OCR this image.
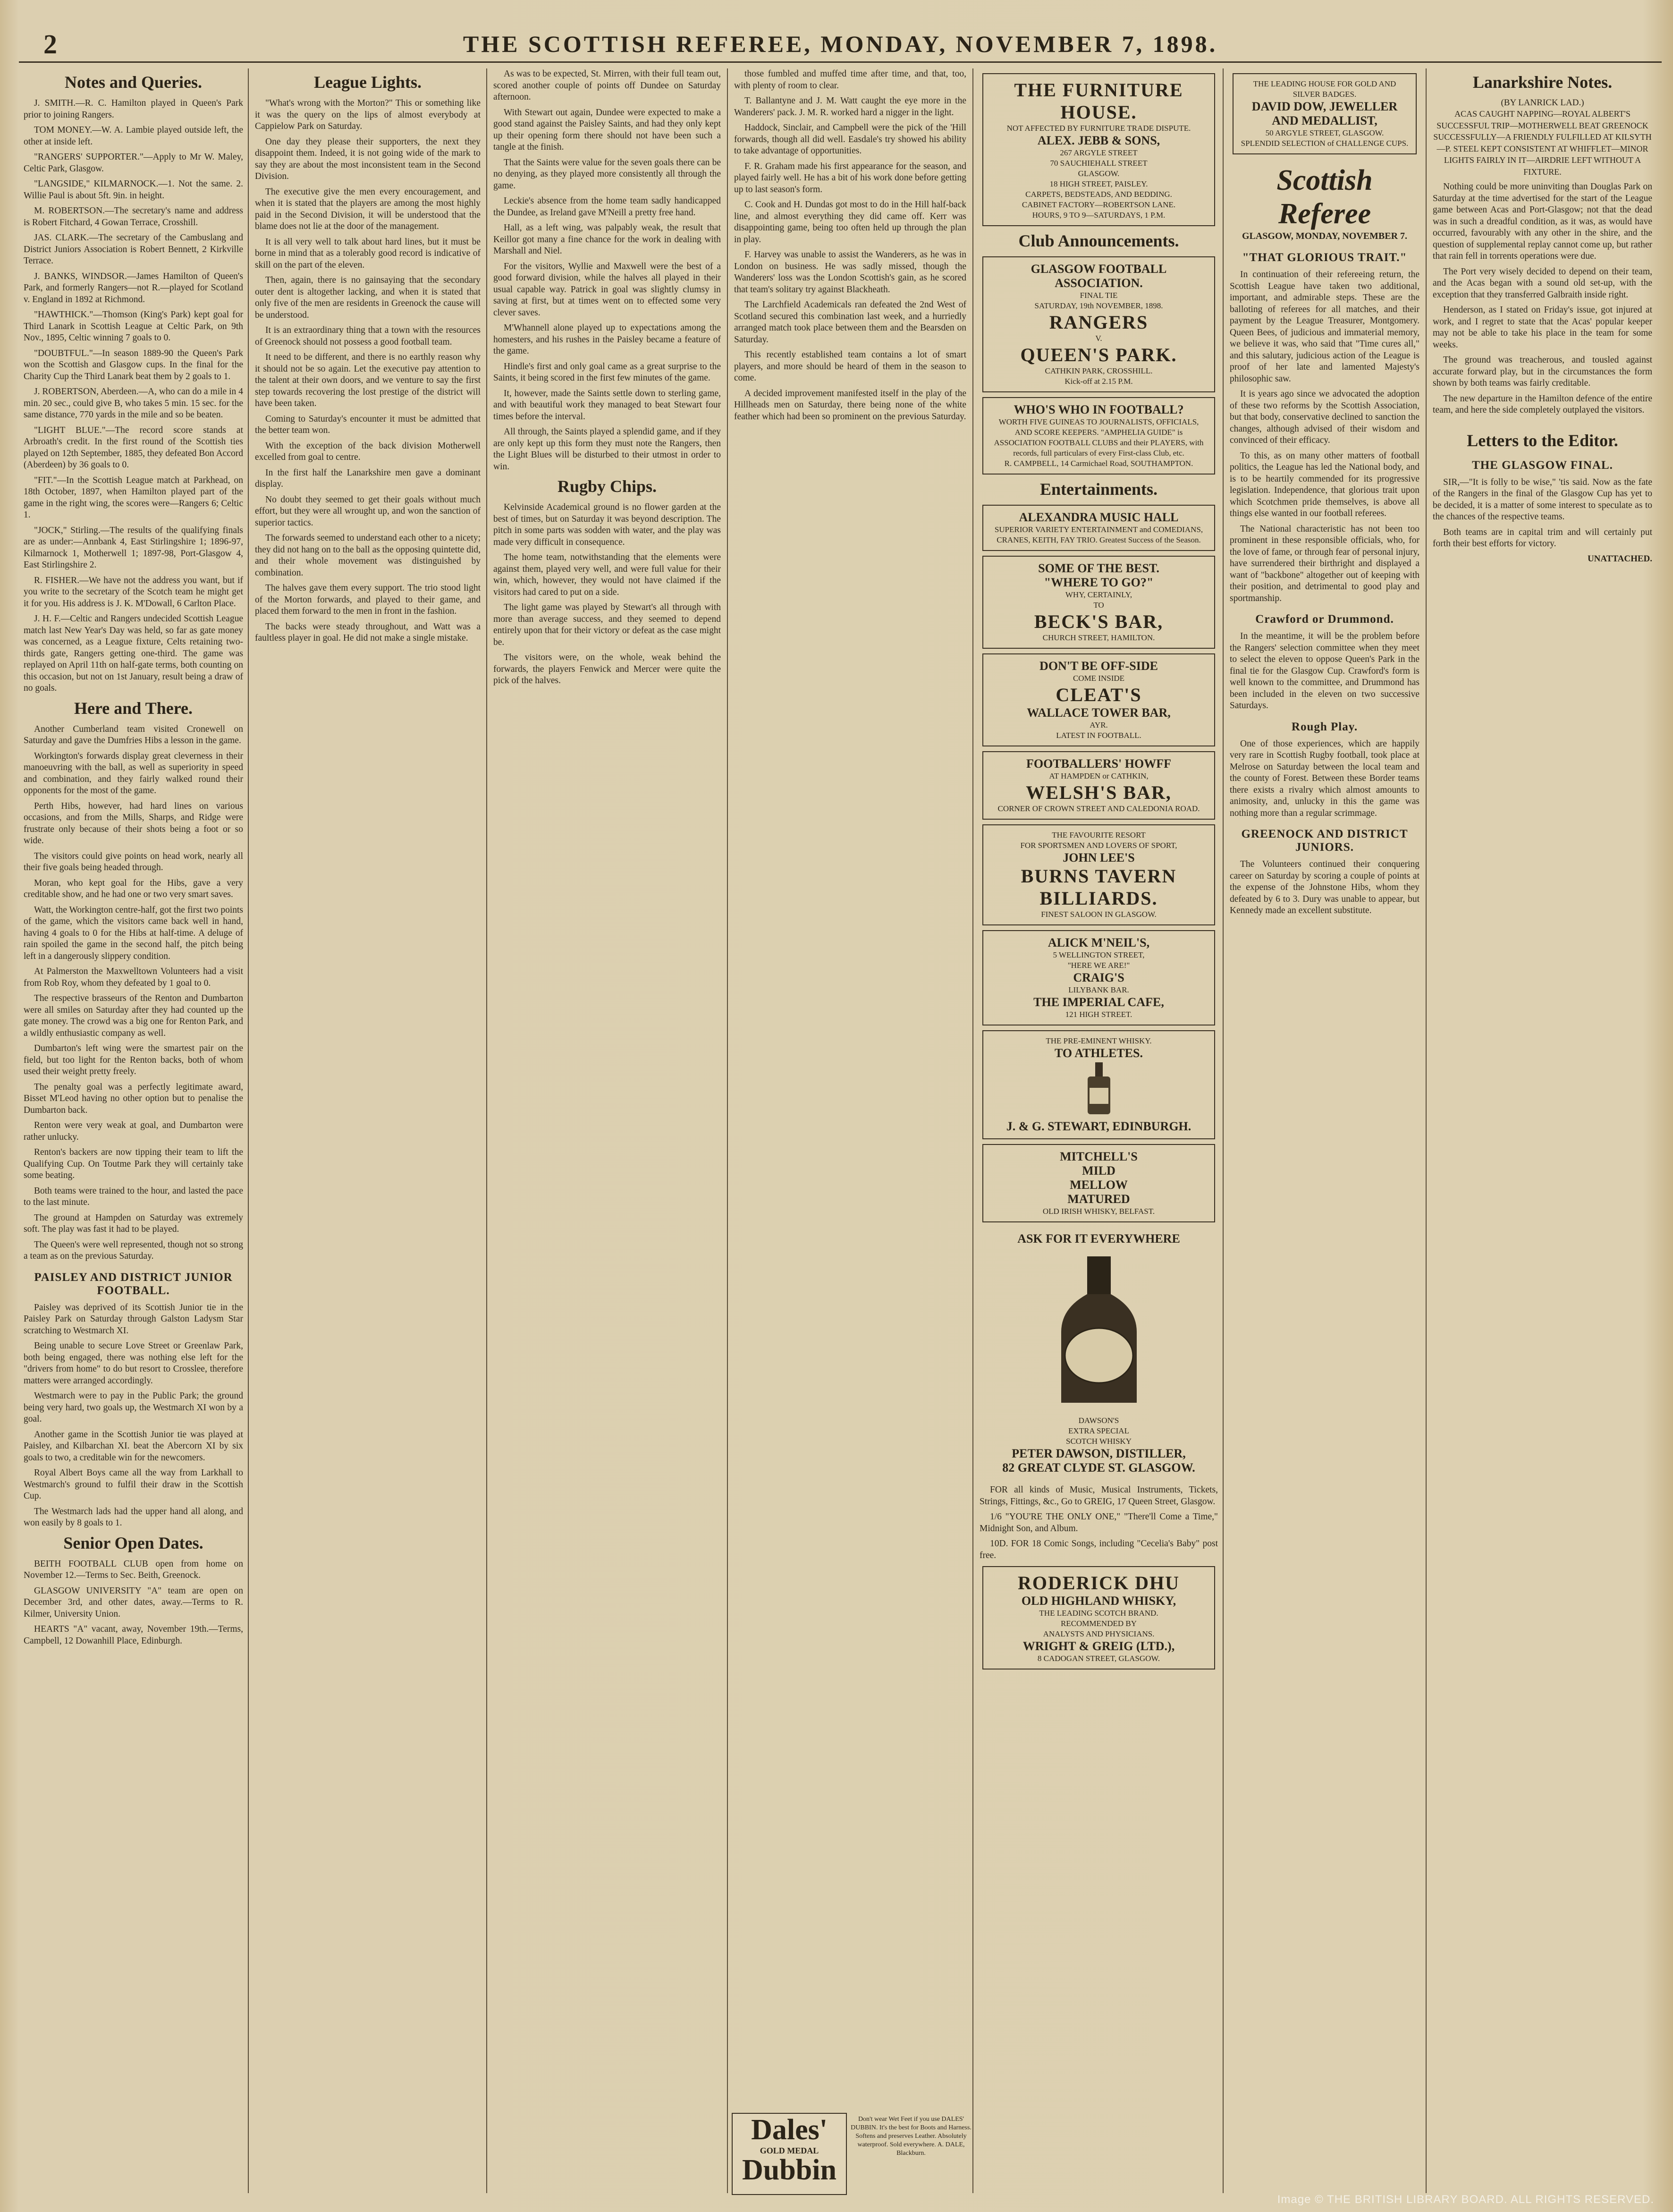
2	THE SCOTTISH REFEREE, MONDAY, NOVEMBER 7, 1898.
Notes and Queries.

J. SMITH.—R. C. Hamilton played in Queen's Park prior to joining Rangers.

TOM MONEY.—W. A. Lambie played outside left, the other at inside left.

"RANGERS' SUPPORTER."—Apply to Mr W. Maley, Celtic Park, Glasgow.

"LANGSIDE," KILMARNOCK.—1. Not the same. 2. Willie Paul is about 5ft. 9in. in height.

M. ROBERTSON.—The secretary's name and address is Robert Fitchard, 4 Gowan Terrace, Crosshill.

JAS. CLARK.—The secretary of the Cambuslang and District Juniors Association is Robert Bennett, 2 Kirkville Terrace.

J. BANKS, WINDSOR.—James Hamilton of Queen's Park, and formerly Rangers—not R.—played for Scotland v. England in 1892 at Richmond.

"HAWTHICK."—Thomson (King's Park) kept goal for Third Lanark in Scottish League at Celtic Park, on 9th Nov., 1895, Celtic winning 7 goals to 0.

"DOUBTFUL."—In season 1889-90 the Queen's Park won the Scottish and Glasgow cups. In the final for the Charity Cup the Third Lanark beat them by 2 goals to 1.

J. ROBERTSON, Aberdeen.—A, who can do a mile in 4 min. 20 sec., could give B, who takes 5 min. 15 sec. for the same distance, 770 yards in the mile and so be beaten.

"LIGHT BLUE."—The record score stands at Arbroath's credit. In the first round of the Scottish ties played on 12th September, 1885, they defeated Bon Accord (Aberdeen) by 36 goals to 0.

"FIT."—In the Scottish League match at Parkhead, on 18th October, 1897, when Hamilton played part of the game in the right wing, the scores were—Rangers 6; Celtic 1.

"JOCK," Stirling.—The results of the qualifying finals are as under:—Annbank 4, East Stirlingshire 1; 1896-97, Kilmarnock 1, Motherwell 1; 1897-98, Port-Glasgow 4, East Stirlingshire 2.

R. FISHER.—We have not the address you want, but if you write to the secretary of the Scotch team he might get it for you. His address is J. K. M'Dowall, 6 Carlton Place.

J. H. F.—Celtic and Rangers undecided Scottish League match last New Year's Day was held, so far as gate money was concerned, as a League fixture, Celts retaining two-thirds gate, Rangers getting one-third. The game was replayed on April 11th on half-gate terms, both counting on this occasion, but not on 1st January, result being a draw of no goals.

Here and There.

Another Cumberland team visited Cronewell on Saturday and gave the Dumfries Hibs a lesson in the game.

Workington's forwards display great cleverness in their manoeuvring with the ball, as well as superiority in speed and combination, and they fairly walked round their opponents for the most of the game.

Perth Hibs, however, had hard lines on various occasions, and from the Mills, Sharps, and Ridge were frustrate only because of their shots being a foot or so wide.

The visitors could give points on head work, nearly all their five goals being headed through.

Moran, who kept goal for the Hibs, gave a very creditable show, and he had one or two very smart saves.

Watt, the Workington centre-half, got the first two points of the game, which the visitors came back well in hand, having 4 goals to 0 for the Hibs at half-time. A deluge of rain spoiled the game in the second half, the pitch being left in a dangerously slippery condition.

At Palmerston the Maxwelltown Volunteers had a visit from Rob Roy, whom they defeated by 1 goal to 0.

The respective brasseurs of the Renton and Dumbarton were all smiles on Saturday after they had counted up the gate money. The crowd was a big one for Renton Park, and a wildly enthusiastic company as well.

Dumbarton's left wing were the smartest pair on the field, but too light for the Renton backs, both of whom used their weight pretty freely.

The penalty goal was a perfectly legitimate award, Bisset M'Leod having no other option but to penalise the Dumbarton back.

Renton were very weak at goal, and Dumbarton were rather unlucky.

Renton's backers are now tipping their team to lift the Qualifying Cup. On Toutme Park they will certainly take some beating.

Both teams were trained to the hour, and lasted the pace to the last minute.

The ground at Hampden on Saturday was extremely soft. The play was fast it had to be played.

The Queen's were well represented, though not so strong a team as on the previous Saturday.

PAISLEY AND DISTRICT JUNIOR FOOTBALL.

Paisley was deprived of its Scottish Junior tie in the Paisley Park on Saturday through Galston Ladysm Star scratching to Westmarch XI.

Being unable to secure Love Street or Greenlaw Park, both being engaged, there was nothing else left for the "drivers from home" to do but resort to Crosslee, therefore matters were arranged accordingly.

Westmarch were to pay in the Public Park; the ground being very hard, two goals up, the Westmarch XI won by a goal.

Another game in the Scottish Junior tie was played at Paisley, and Kilbarchan XI. beat the Abercorn XI by six goals to two, a creditable win for the newcomers.

Royal Albert Boys came all the way from Larkhall to Westmarch's ground to fulfil their draw in the Scottish Cup.

The Westmarch lads had the upper hand all along, and won easily by 8 goals to 1.

Senior Open Dates.

BEITH FOOTBALL CLUB open from home on November 12.—Terms to Sec. Beith, Greenock.

GLASGOW UNIVERSITY "A" team are open on December 3rd, and other dates, away.—Terms to R. Kilmer, University Union.

HEARTS "A" vacant, away, November 19th.—Terms, Campbell, 12 Dowanhill Place, Edinburgh.

League Lights.

"What's wrong with the Morton?" This or something like it was the query on the lips of almost everybody at Cappielow Park on Saturday.

One day they please their supporters, the next they disappoint them. Indeed, it is not going wide of the mark to say they are about the most inconsistent team in the Second Division.

The executive give the men every encouragement, and when it is stated that the players are among the most highly paid in the Second Division, it will be understood that the blame does not lie at the door of the management.

It is all very well to talk about hard lines, but it must be borne in mind that as a tolerably good record is indicative of skill on the part of the eleven.

Then, again, there is no gainsaying that the secondary outer dent is altogether lacking, and when it is stated that only five of the men are residents in Greenock the cause will be understood.

It is an extraordinary thing that a town with the resources of Greenock should not possess a good football team.

It need to be different, and there is no earthly reason why it should not be so again. Let the executive pay attention to the talent at their own doors, and we venture to say the first step towards recovering the lost prestige of the district will have been taken.

Coming to Saturday's encounter it must be admitted that the better team won.

With the exception of the back division Motherwell excelled from goal to centre.

In the first half the Lanarkshire men gave a dominant display.

No doubt they seemed to get their goals without much effort, but they were all wrought up, and won the sanction of superior tactics.

The forwards seemed to understand each other to a nicety; they did not hang on to the ball as the opposing quintette did, and their whole movement was distinguished by combination.

The halves gave them every support. The trio stood light of the Morton forwards, and played to their game, and placed them forward to the men in front in the fashion.

The backs were steady throughout, and Watt was a faultless player in goal. He did not make a single mistake.

As was to be expected, St. Mirren, with their full team out, scored another couple of points off Dundee on Saturday afternoon.

With Stewart out again, Dundee were expected to make a good stand against the Paisley Saints, and had they only kept up their opening form there should not have been such a tangle at the finish.

That the Saints were value for the seven goals there can be no denying, as they played more consistently all through the game.

Leckie's absence from the home team sadly handicapped the Dundee, as Ireland gave M'Neill a pretty free hand.

Hall, as a left wing, was palpably weak, the result that Keillor got many a fine chance for the work in dealing with Marshall and Niel.

For the visitors, Wyllie and Maxwell were the best of a good forward division, while the halves all played in their usual capable way. Patrick in goal was slightly clumsy in saving at first, but at times went on to effected some very clever saves.

M'Whannell alone played up to expectations among the homesters, and his rushes in the Paisley became a feature of the game.

Hindle's first and only goal came as a great surprise to the Saints, it being scored in the first few minutes of the game.

It, however, made the Saints settle down to sterling game, and with beautiful work they managed to beat Stewart four times before the interval.

All through, the Saints played a splendid game, and if they are only kept up this form they must note the Rangers, then the Light Blues will be disturbed to their utmost in order to win.

Rugby Chips.

Kelvinside Academical ground is no flower garden at the best of times, but on Saturday it was beyond description. The pitch in some parts was sodden with water, and the play was made very difficult in consequence.

The home team, notwithstanding that the elements were against them, played very well, and were full value for their win, which, however, they would not have claimed if the visitors had cared to put on a side.

The light game was played by Stewart's all through with more than average success, and they seemed to depend entirely upon that for their victory or defeat as the case might be.

The visitors were, on the whole, weak behind the forwards, the players Fenwick and Mercer were quite the pick of the halves.

those fumbled and muffed time after time, and that, too, with plenty of room to clear.

T. Ballantyne and J. M. Watt caught the eye more in the Wanderers' pack. J. M. R. worked hard a nigger in the light.

Haddock, Sinclair, and Campbell were the pick of the 'Hill forwards, though all did well. Easdale's try showed his ability to take advantage of opportunities.

F. R. Graham made his first appearance for the season, and played fairly well. He has a bit of his work done before getting up to last season's form.

C. Cook and H. Dundas got most to do in the Hill half-back line, and almost everything they did came off. Kerr was disappointing game, being too often held up through the plan in play.

F. Harvey was unable to assist the Wanderers, as he was in London on business. He was sadly missed, though the Wanderers' loss was the London Scottish's gain, as he scored that team's solitary try against Blackheath.

The Larchfield Academicals ran defeated the 2nd West of Scotland secured this combination last week, and a hurriedly arranged match took place between them and the Bearsden on Saturday.

This recently established team contains a lot of smart players, and more should be heard of them in the season to come.

A decided improvement manifested itself in the play of the Hillheads men on Saturday, there being none of the white feather which had been so prominent on the previous Saturday.

Dales'
GOLD MEDAL
Dubbin
Don't wear Wet Feet if you use DALES' DUBBIN. It's the best for Boots and Harness. Softens and preserves Leather. Absolutely waterproof. Sold everywhere. A. DALE, Blackburn.
THE FURNITURE HOUSE.
NOT AFFECTED BY FURNITURE TRADE DISPUTE.
ALEX. JEBB & SONS,
267 ARGYLE STREET
70 SAUCHIEHALL STREET
GLASGOW.
18 HIGH STREET, PAISLEY.
CARPETS, BEDSTEADS, AND BEDDING.
CABINET FACTORY—ROBERTSON LANE.
HOURS, 9 TO 9—SATURDAYS, 1 P.M.
Club Announcements.
GLASGOW FOOTBALL ASSOCIATION.
FINAL TIE
SATURDAY, 19th NOVEMBER, 1898.
RANGERS
V.
QUEEN'S PARK.
CATHKIN PARK, CROSSHILL.
Kick-off at 2.15 P.M.
WHO'S WHO IN FOOTBALL?
WORTH FIVE GUINEAS TO JOURNALISTS, OFFICIALS, AND SCORE KEEPERS. "AMPHELIA GUIDE" is ASSOCIATION FOOTBALL CLUBS and their PLAYERS, with records, full particulars of every First-class Club, etc.
R. CAMPBELL, 14 Carmichael Road, SOUTHAMPTON.
Entertainments.
ALEXANDRA MUSIC HALL
SUPERIOR VARIETY ENTERTAINMENT and COMEDIANS, CRANES, KEITH, FAY TRIO. Greatest Success of the Season.
SOME OF THE BEST.
"WHERE TO GO?"
WHY, CERTAINLY,
TO
BECK'S BAR,
CHURCH STREET, HAMILTON.
DON'T BE OFF-SIDE
COME INSIDE
CLEAT'S
WALLACE TOWER BAR,
AYR.
LATEST IN FOOTBALL.
FOOTBALLERS' HOWFF
AT HAMPDEN or CATHKIN,
WELSH'S BAR,
CORNER OF CROWN STREET AND CALEDONIA ROAD.
THE FAVOURITE RESORT
FOR SPORTSMEN AND LOVERS OF SPORT,
JOHN LEE'S
BURNS TAVERN
BILLIARDS.
FINEST SALOON IN GLASGOW.
ALICK M'NEIL'S,
5 WELLINGTON STREET,
"HERE WE ARE!"
CRAIG'S
LILYBANK BAR.
THE IMPERIAL CAFE,
121 HIGH STREET.
THE PRE-EMINENT WHISKY.
TO ATHLETES.
J. & G. STEWART, EDINBURGH.
MITCHELL'S
MILD
MELLOW
MATURED
OLD IRISH WHISKY, BELFAST.
ASK FOR IT EVERYWHERE
DAWSON'S
EXTRA SPECIAL
SCOTCH WHISKY
PETER DAWSON, DISTILLER,
82 GREAT CLYDE ST. GLASGOW.

FOR all kinds of Music, Musical Instruments, Tickets, Strings, Fittings, &c., Go to GREIG, 17 Queen Street, Glasgow.

1/6 "YOU'RE THE ONLY ONE," "There'll Come a Time," Midnight Son, and Album.

10D. FOR 18 Comic Songs, including "Cecelia's Baby" post free.

RODERICK DHU
OLD HIGHLAND WHISKY,
THE LEADING SCOTCH BRAND.
RECOMMENDED BY
ANALYSTS AND PHYSICIANS.
WRIGHT & GREIG (LTD.),
8 CADOGAN STREET, GLASGOW.
THE LEADING HOUSE FOR GOLD AND SILVER BADGES.
DAVID DOW, JEWELLER AND MEDALLIST,
50 ARGYLE STREET, GLASGOW.
SPLENDID SELECTION of CHALLENGE CUPS.
Scottish Referee
GLASGOW, MONDAY, NOVEMBER 7.
"THAT GLORIOUS TRAIT."

In continuation of their refereeing return, the Scottish League have taken two additional, important, and admirable steps. These are the balloting of referees for all matches, and their payment by the League Treasurer, Montgomery. Queen Bees, of judicious and immaterial memory, we believe it was, who said that "Time cures all," and this salutary, judicious action of the League is proof of her late and lamented Majesty's philosophic saw.

It is years ago since we advocated the adoption of these two reforms by the Scottish Association, but that body, conservative declined to sanction the changes, although advised of their wisdom and convinced of their efficacy.

To this, as on many other matters of football politics, the League has led the National body, and is to be heartily commended for its progressive legislation. Independence, that glorious trait upon which Scotchmen pride themselves, is above all things else wanted in our football referees.

The National characteristic has not been too prominent in these responsible officials, who, for the love of fame, or through fear of personal injury, have surrendered their birthright and displayed a want of "backbone" altogether out of keeping with their position, and detrimental to good play and sportmanship.

Crawford or Drummond.

In the meantime, it will be the problem before the Rangers' selection committee when they meet to select the eleven to oppose Queen's Park in the final tie for the Glasgow Cup. Crawford's form is well known to the committee, and Drummond has been included in the eleven on two successive Saturdays.

Rough Play.

One of those experiences, which are happily very rare in Scottish Rugby football, took place at Melrose on Saturday between the local team and the county of Forest. Between these Border teams there exists a rivalry which almost amounts to animosity, and, unlucky in this the game was nothing more than a regular scrimmage.

GREENOCK AND DISTRICT JUNIORS.

The Volunteers continued their conquering career on Saturday by scoring a couple of points at the expense of the Johnstone Hibs, whom they defeated by 6 to 3. Dury was unable to appear, but Kennedy made an excellent substitute.

Lanarkshire Notes.
(BY LANRICK LAD.)

ACAS CAUGHT NAPPING—ROYAL ALBERT'S SUCCESSFUL TRIP—MOTHERWELL BEAT GREENOCK SUCCESSFULLY—A FRIENDLY FULFILLED AT KILSYTH—P. STEEL KEPT CONSISTENT AT WHIFFLET—MINOR LIGHTS FAIRLY IN IT—AIRDRIE LEFT WITHOUT A FIXTURE.

Nothing could be more uninviting than Douglas Park on Saturday at the time advertised for the start of the League game between Acas and Port-Glasgow; not that the dead was in such a dreadful condition, as it was, as would have occurred, favourably with any other in the shire, and the question of supplemental replay cannot come up, but rather that rain fell in torrents operations were due.

The Port very wisely decided to depend on their team, and the Acas began with a sound old set-up, with the exception that they transferred Galbraith inside right.

Henderson, as I stated on Friday's issue, got injured at work, and I regret to state that the Acas' popular keeper may not be able to take his place in the team for some weeks.

The ground was treacherous, and tousled against accurate forward play, but in the circumstances the form shown by both teams was fairly creditable.

The new departure in the Hamilton defence of the entire team, and here the side completely outplayed the visitors.

Letters to the Editor.
THE GLASGOW FINAL.

SIR,—"It is folly to be wise," 'tis said. Now as the fate of the Rangers in the final of the Glasgow Cup has yet to be decided, it is a matter of some interest to speculate as to the chances of the respective teams.

Both teams are in capital trim and will certainly put forth their best efforts for victory.

UNATTACHED.
Image © THE BRITISH LIBRARY BOARD. ALL RIGHTS RESERVED.
